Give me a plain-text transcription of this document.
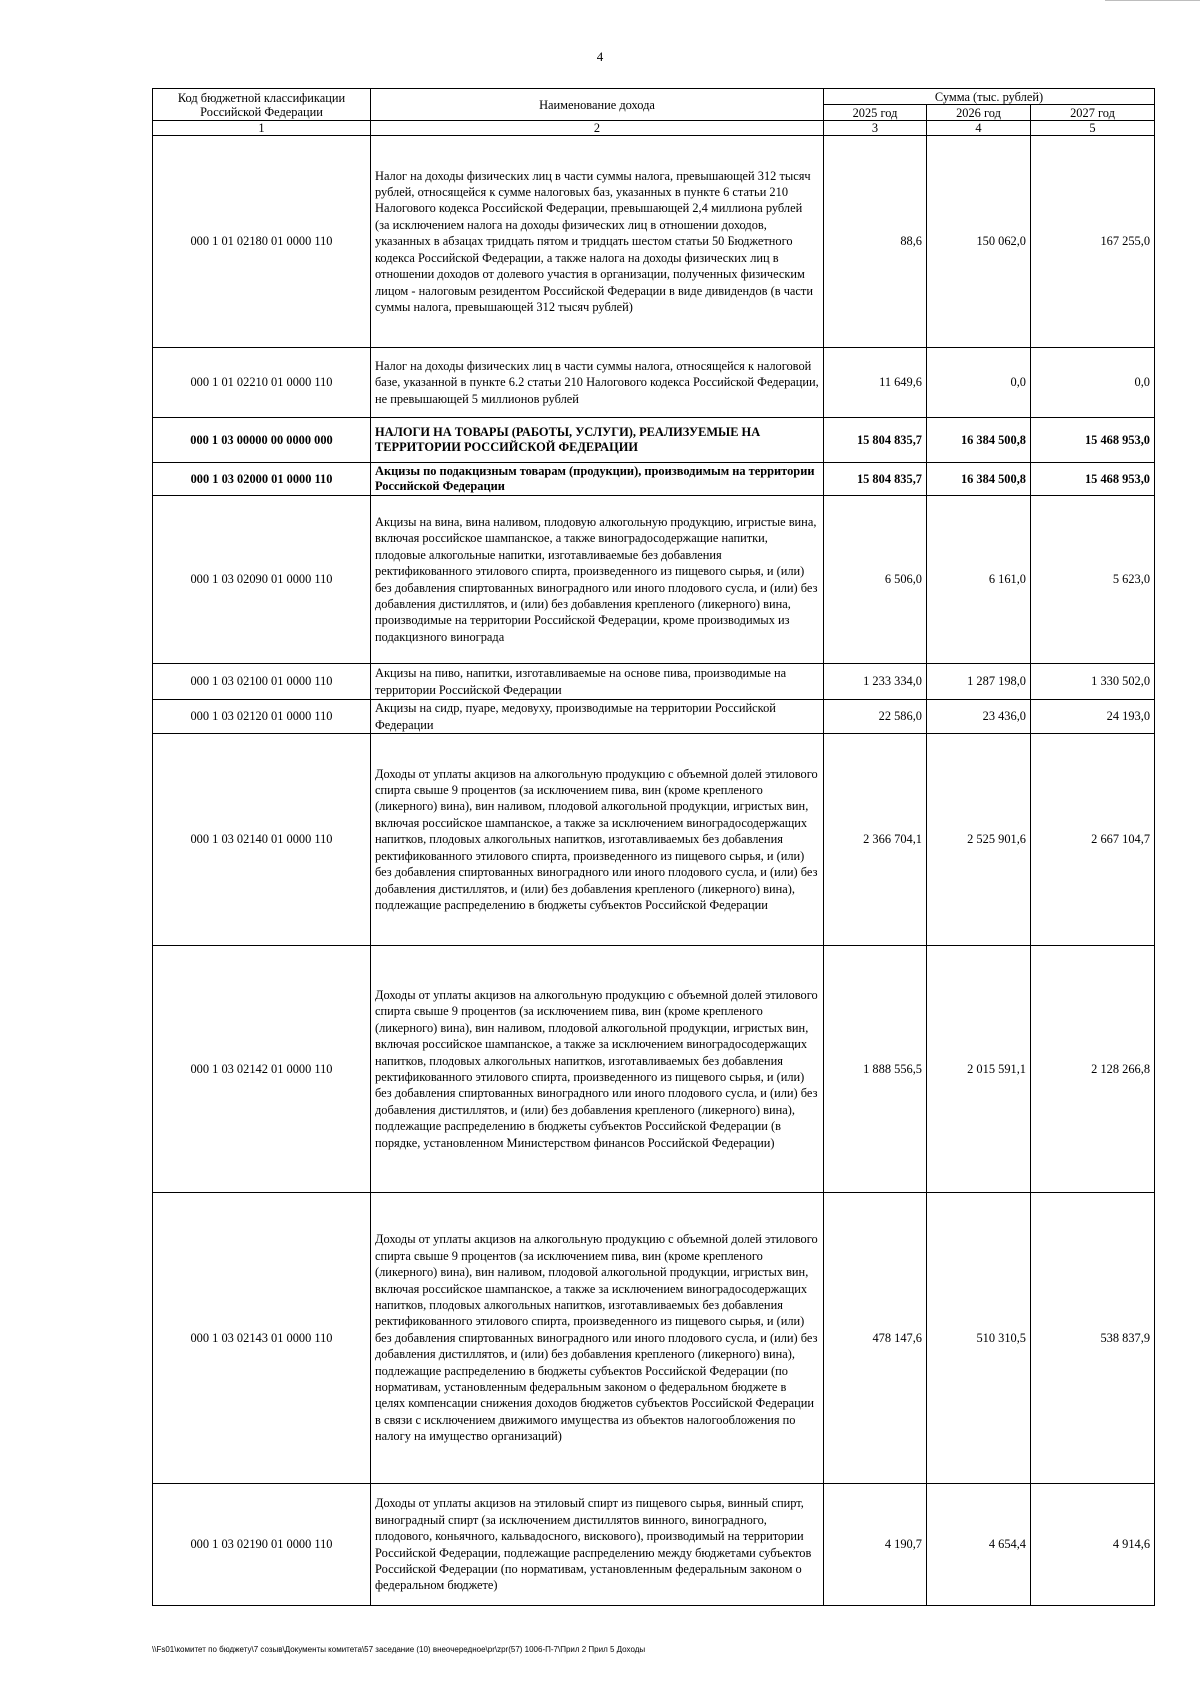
4
Код бюджетной классификации Российской Федерации	Наименование дохода	Сумма (тыс. рублей)		
		2025 год	2026 год	2027 год
1	2	3	4	5
000 1 01 02180 01 0000 110	Налог на доходы физических лиц в части суммы налога, превышающей 312 тысяч рублей, относящейся к сумме налоговых баз, указанных в пункте 6 статьи 210 Налогового кодекса Российской Федерации, превышающей 2,4 миллиона рублей (за исключением налога на доходы физических лиц в отношении доходов, указанных в абзацах тридцать пятом и тридцать шестом статьи 50 Бюджетного кодекса Российской Федерации, а также налога на доходы физических лиц в отношении доходов от долевого участия в организации, полученных физическим лицом - налоговым резидентом Российской Федерации в виде дивидендов (в части суммы налога, превышающей 312 тысяч рублей)	88,6	150 062,0	167 255,0
000 1 01 02210 01 0000 110	Налог на доходы физических лиц в части суммы налога, относящейся к налоговой базе, указанной в пункте 6.2 статьи 210 Налогового кодекса Российской Федерации, не превышающей 5 миллионов рублей	11 649,6	0,0	0,0
000 1 03 00000 00 0000 000	НАЛОГИ НА ТОВАРЫ (РАБОТЫ, УСЛУГИ), РЕАЛИЗУЕМЫЕ НА ТЕРРИТОРИИ РОССИЙСКОЙ ФЕДЕРАЦИИ	15 804 835,7	16 384 500,8	15 468 953,0
000 1 03 02000 01 0000 110	Акцизы по подакцизным товарам (продукции), производимым на территории Российской Федерации	15 804 835,7	16 384 500,8	15 468 953,0
000 1 03 02090 01 0000 110	Акцизы на вина, вина наливом, плодовую алкогольную продукцию, игристые вина, включая российское шампанское, а также виноградосодержащие напитки, плодовые алкогольные напитки, изготавливаемые без добавления ректификованного этилового спирта, произведенного из пищевого сырья, и (или) без добавления спиртованных виноградного или иного плодового сусла, и (или) без добавления дистиллятов, и (или) без добавления крепленого (ликерного) вина, производимые на территории Российской Федерации, кроме производимых из подакцизного винограда	6 506,0	6 161,0	5 623,0
000 1 03 02100 01 0000 110	Акцизы на пиво, напитки, изготавливаемые на основе пива, производимые на территории Российской Федерации	1 233 334,0	1 287 198,0	1 330 502,0
000 1 03 02120 01 0000 110	Акцизы на сидр, пуаре, медовуху, производимые на территории Российской Федерации	22 586,0	23 436,0	24 193,0
000 1 03 02140 01 0000 110	Доходы от уплаты акцизов на алкогольную продукцию с объемной долей этилового спирта свыше 9 процентов (за исключением пива, вин (кроме крепленого (ликерного) вина), вин наливом, плодовой алкогольной продукции, игристых вин, включая российское шампанское, а также за исключением виноградосодержащих напитков, плодовых алкогольных напитков, изготавливаемых без добавления ректификованного этилового спирта, произведенного из пищевого сырья, и (или) без добавления спиртованных виноградного или иного плодового сусла, и (или) без добавления дистиллятов, и (или) без добавления крепленого (ликерного) вина), подлежащие распределению в бюджеты субъектов Российской Федерации	2 366 704,1	2 525 901,6	2 667 104,7
000 1 03 02142 01 0000 110	Доходы от уплаты акцизов на алкогольную продукцию с объемной долей этилового спирта свыше 9 процентов (за исключением пива, вин (кроме крепленого (ликерного) вина), вин наливом, плодовой алкогольной продукции, игристых вин, включая российское шампанское, а также за исключением виноградосодержащих напитков, плодовых алкогольных напитков, изготавливаемых без добавления ректификованного этилового спирта, произведенного из пищевого сырья, и (или) без добавления спиртованных виноградного или иного плодового сусла, и (или) без добавления дистиллятов, и (или) без добавления крепленого (ликерного) вина), подлежащие распределению в бюджеты субъектов Российской Федерации (в порядке, установленном Министерством финансов Российской Федерации)	1 888 556,5	2 015 591,1	2 128 266,8
000 1 03 02143 01 0000 110	Доходы от уплаты акцизов на алкогольную продукцию с объемной долей этилового спирта свыше 9 процентов (за исключением пива, вин (кроме крепленого (ликерного) вина), вин наливом, плодовой алкогольной продукции, игристых вин, включая российское шампанское, а также за исключением виноградосодержащих напитков, плодовых алкогольных напитков, изготавливаемых без добавления ректификованного этилового спирта, произведенного из пищевого сырья, и (или) без добавления спиртованных виноградного или иного плодового сусла, и (или) без добавления дистиллятов, и (или) без добавления крепленого (ликерного) вина), подлежащие распределению в бюджеты субъектов Российской Федерации (по нормативам, установленным федеральным законом о федеральном бюджете в целях компенсации снижения доходов бюджетов субъектов Российской Федерации в связи с исключением движимого имущества из объектов налогообложения по налогу на имущество организаций)	478 147,6	510 310,5	538 837,9
000 1 03 02190 01 0000 110	Доходы от уплаты акцизов на этиловый спирт из пищевого сырья, винный спирт, виноградный спирт (за исключением дистиллятов винного, виноградного, плодового, коньячного, кальвадосного, вискового), производимый на территории Российской Федерации, подлежащие распределению между бюджетами субъектов Российской Федерации (по нормативам, установленным федеральным законом о федеральном бюджете)	4 190,7	4 654,4	4 914,6
\\Fs01\комитет по бюджету\7 созыв\Документы комитета\57 заседание (10) внеочередное\pr\zpr(57) 1006-П-7\Прил 2 Прил 5 Доходы
